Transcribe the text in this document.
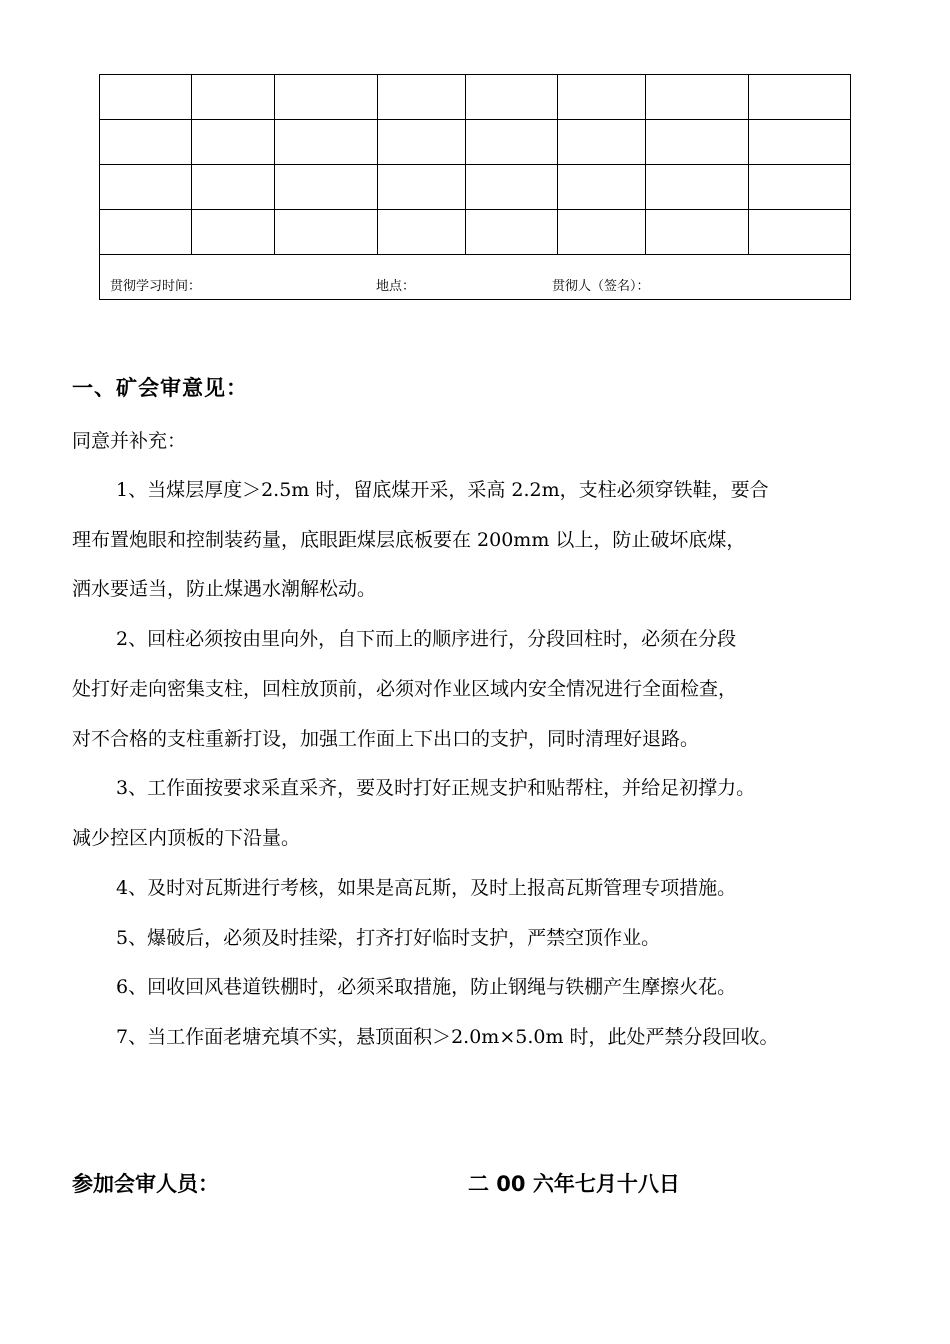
贯彻学习时间： 地点： 贯彻人（签名）：							
一、矿会审意见：
同意并补充：
1、当煤层厚度＞2.5m 时，留底煤开采，采高 2.2m，支柱必须穿铁鞋，要合
理布置炮眼和控制装药量，底眼距煤层底板要在 200mm 以上，防止破坏底煤，
洒水要适当，防止煤遇水潮解松动。
2、回柱必须按由里向外，自下而上的顺序进行，分段回柱时，必须在分段
处打好走向密集支柱，回柱放顶前，必须对作业区域内安全情况进行全面检查，
对不合格的支柱重新打设，加强工作面上下出口的支护，同时清理好退路。
3、工作面按要求采直采齐，要及时打好正规支护和贴帮柱，并给足初撑力。
减少控区内顶板的下沿量。
4、及时对瓦斯进行考核，如果是高瓦斯，及时上报高瓦斯管理专项措施。
5、爆破后，必须及时挂梁，打齐打好临时支护，严禁空顶作业。
6、回收回风巷道铁棚时，必须采取措施，防止钢绳与铁棚产生摩擦火花。
7、当工作面老塘充填不实，悬顶面积＞2.0m×5.0m 时，此处严禁分段回收。
参加会审人员：	二 00 六年七月十八日
